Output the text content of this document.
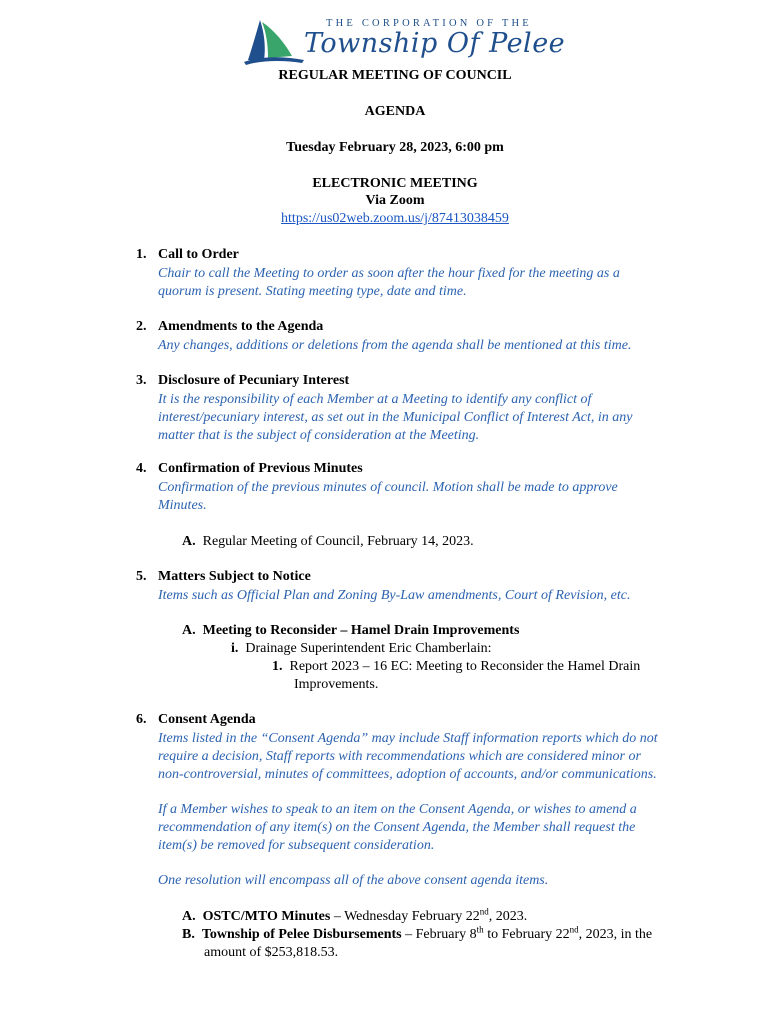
THE CORPORATION OF THE
Township Of Pelee
REGULAR MEETING OF COUNCIL
AGENDA
Tuesday February 28, 2023, 6:00 pm
ELECTRONIC MEETING
Via Zoom
https://us02web.zoom.us/j/87413038459
1. Call to Order
Chair to call the Meeting to order as soon after the hour fixed for the meeting as a
quorum is present. Stating meeting type, date and time.
2. Amendments to the Agenda
Any changes, additions or deletions from the agenda shall be mentioned at this time.
3. Disclosure of Pecuniary Interest
It is the responsibility of each Member at a Meeting to identify any conflict of
interest/pecuniary interest, as set out in the Municipal Conflict of Interest Act, in any
matter that is the subject of consideration at the Meeting.
4. Confirmation of Previous Minutes
Confirmation of the previous minutes of council. Motion shall be made to approve
Minutes.
A. Regular Meeting of Council, February 14, 2023.
5. Matters Subject to Notice
Items such as Official Plan and Zoning By-Law amendments, Court of Revision, etc.
A. Meeting to Reconsider – Hamel Drain Improvements
i. Drainage Superintendent Eric Chamberlain:
1. Report 2023 – 16 EC: Meeting to Reconsider the Hamel Drain
Improvements.
6. Consent Agenda
Items listed in the “Consent Agenda” may include Staff information reports which do not
require a decision, Staff reports with recommendations which are considered minor or
non-controversial, minutes of committees, adoption of accounts, and/or communications.
If a Member wishes to speak to an item on the Consent Agenda, or wishes to amend a
recommendation of any item(s) on the Consent Agenda, the Member shall request the
item(s) be removed for subsequent consideration.
One resolution will encompass all of the above consent agenda items.
A. OSTC/MTO Minutes – Wednesday February 22nd, 2023.
B. Township of Pelee Disbursements – February 8th to February 22nd, 2023, in the
amount of $253,818.53.
